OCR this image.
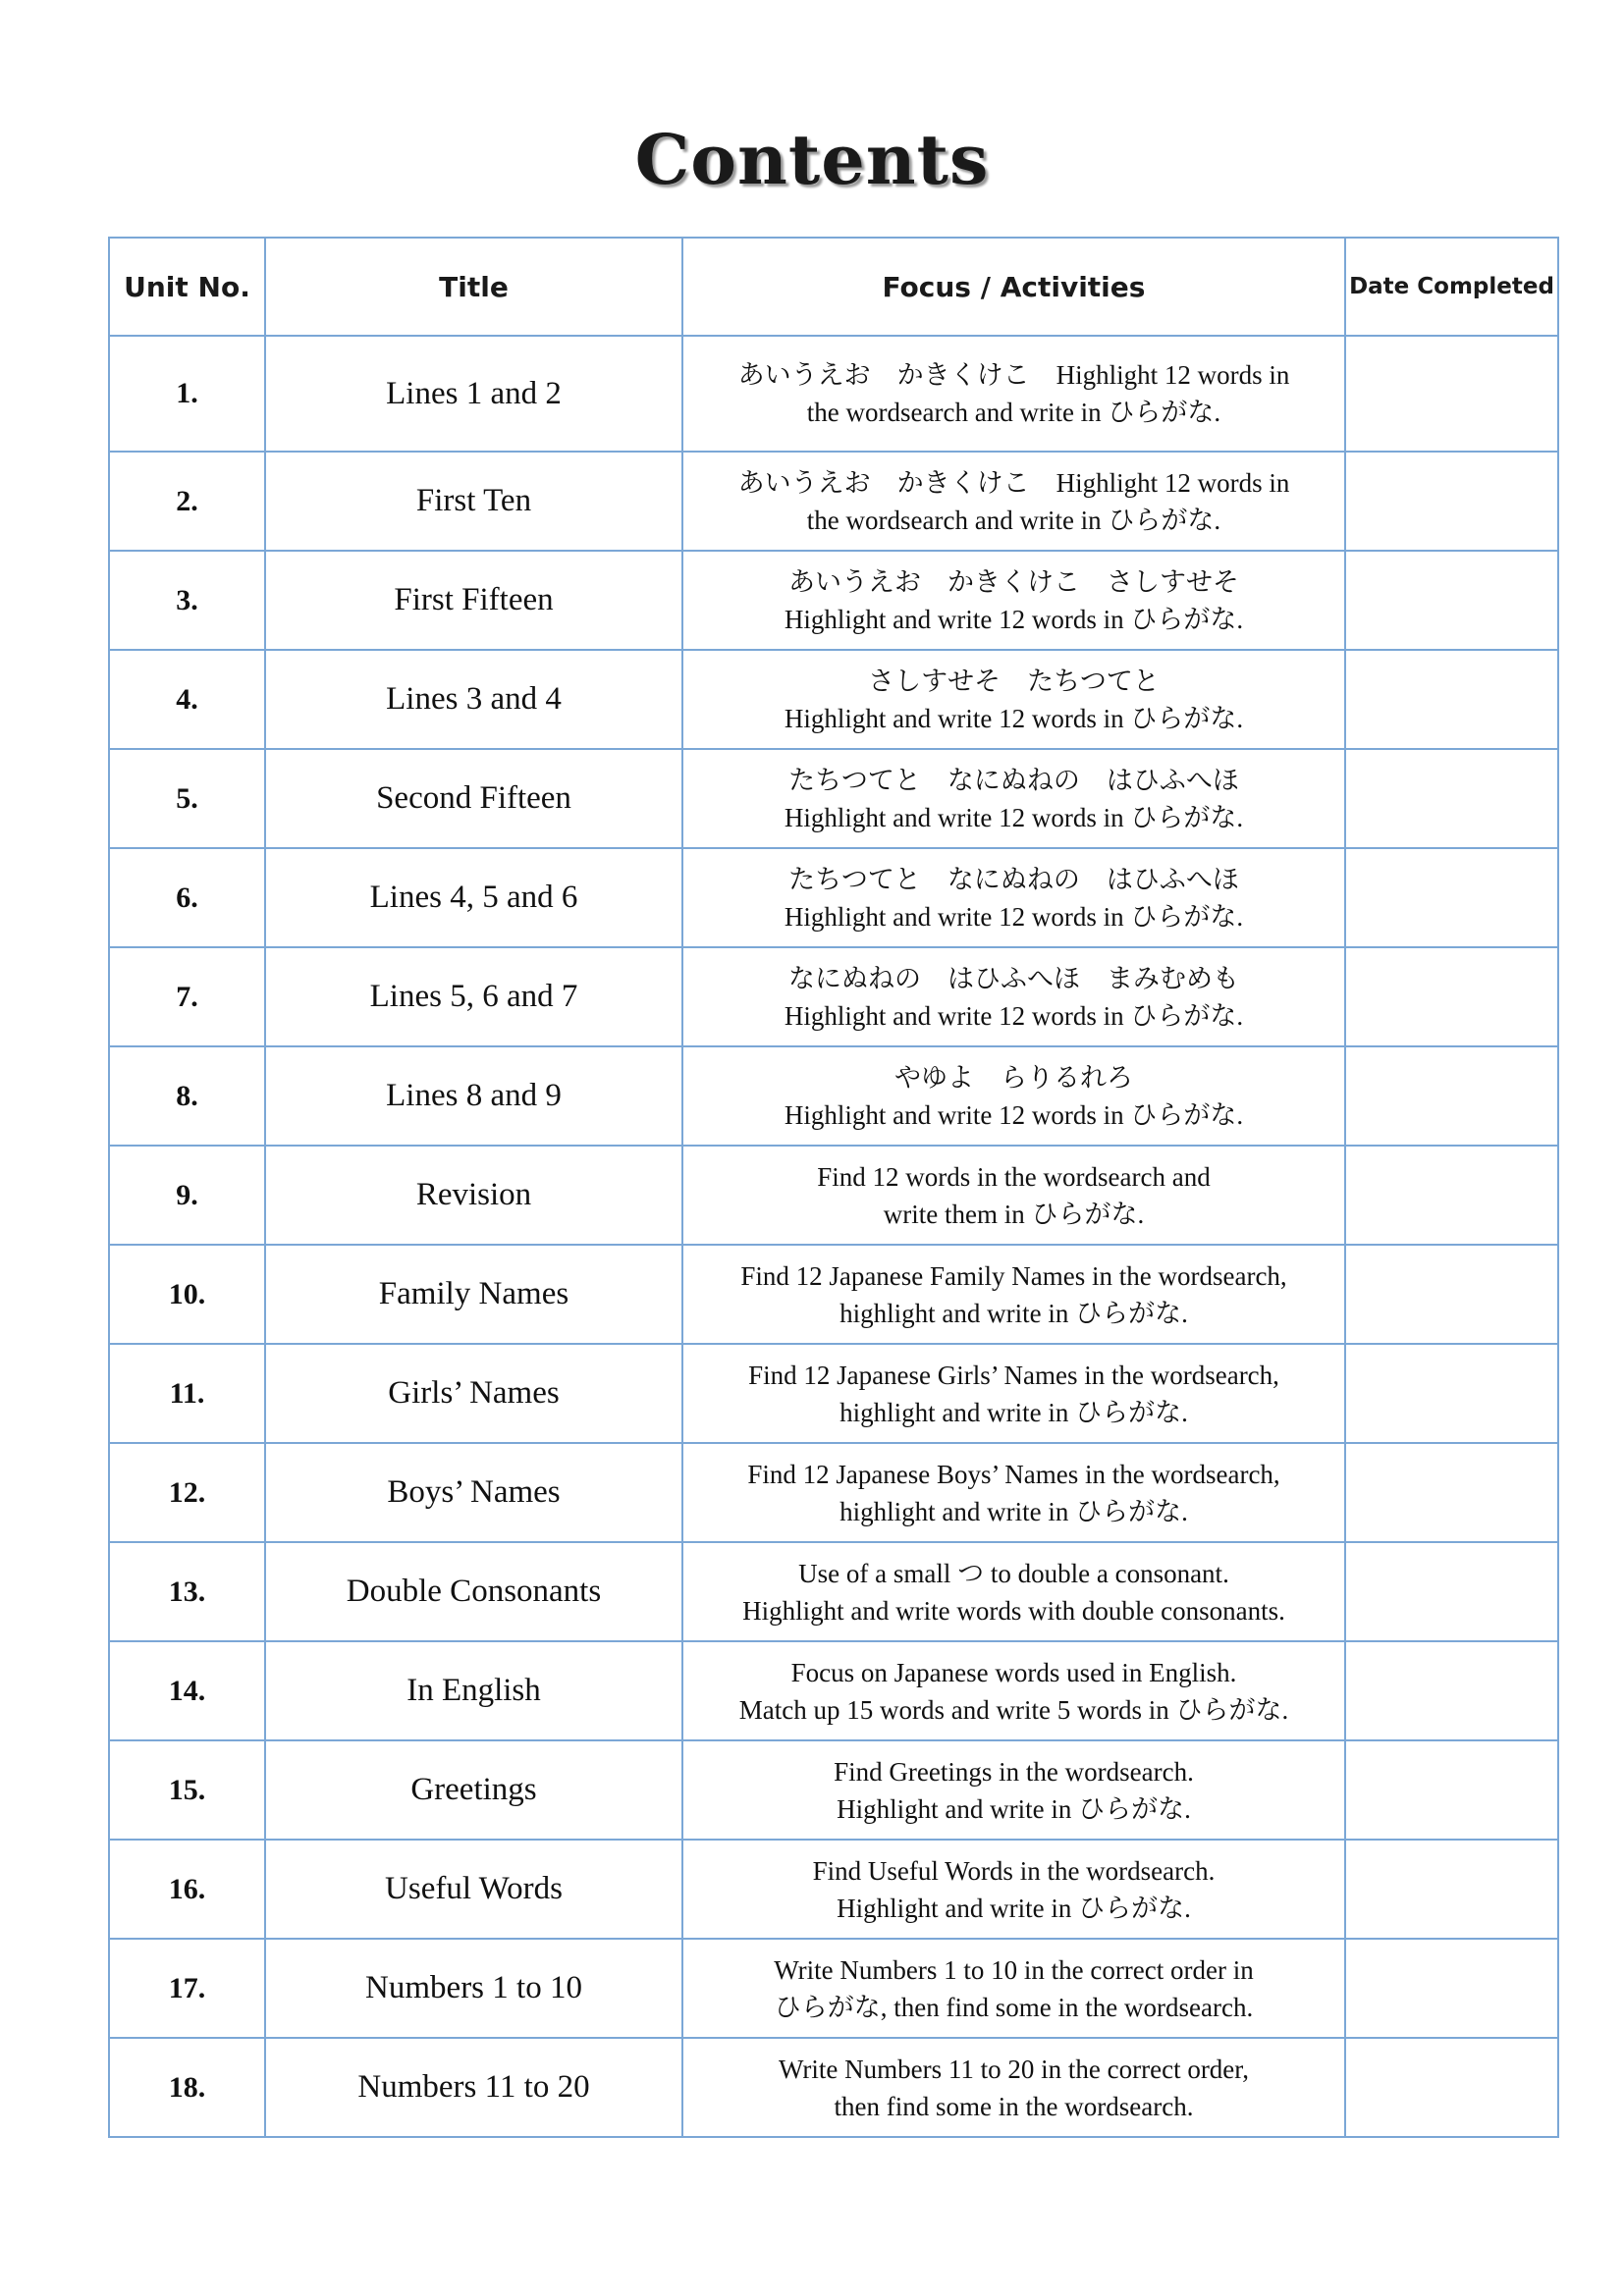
Contents
Unit No.	Title	Focus / Activities	Date Completed
1.	Lines 1 and 2	あいうえお　かきくけこ　Highlight 12 words in
the wordsearch and write in ひらがな.	

2.	First Ten	あいうえお　かきくけこ　Highlight 12 words in
the wordsearch and write in ひらがな.	

3.	First Fifteen	あいうえお　かきくけこ　さしすせそ
Highlight and write 12 words in ひらがな.	

4.	Lines 3 and 4	さしすせそ　たちつてと
Highlight and write 12 words in ひらがな.	

5.	Second Fifteen	たちつてと　なにぬねの　はひふへほ
Highlight and write 12 words in ひらがな.	

6.	Lines 4, 5 and 6	たちつてと　なにぬねの　はひふへほ
Highlight and write 12 words in ひらがな.	

7.	Lines 5, 6 and 7	なにぬねの　はひふへほ　まみむめも
Highlight and write 12 words in ひらがな.	

8.	Lines 8 and 9	やゆよ　らりるれろ
Highlight and write 12 words in ひらがな.	

9.	Revision	Find 12 words in the wordsearch and
write them in ひらがな.	

10.	Family Names	Find 12 Japanese Family Names in the wordsearch,
highlight and write in ひらがな.	

11.	Girls’ Names	Find 12 Japanese Girls’ Names in the wordsearch,
highlight and write in ひらがな.	

12.	Boys’ Names	Find 12 Japanese Boys’ Names in the wordsearch,
highlight and write in ひらがな.	

13.	Double Consonants	Use of a small つ to double a consonant.
Highlight and write words with double consonants.	

14.	In English	Focus on Japanese words used in English.
Match up 15 words and write 5 words in ひらがな.	

15.	Greetings	Find Greetings in the wordsearch.
Highlight and write in ひらがな.	

16.	Useful Words	Find Useful Words in the wordsearch.
Highlight and write in ひらがな.	

17.	Numbers 1 to 10	Write Numbers 1 to 10 in the correct order in
ひらがな, then find some in the wordsearch.	

18.	Numbers 11 to 20	Write Numbers 11 to 20 in the correct order,
then find some in the wordsearch.	
